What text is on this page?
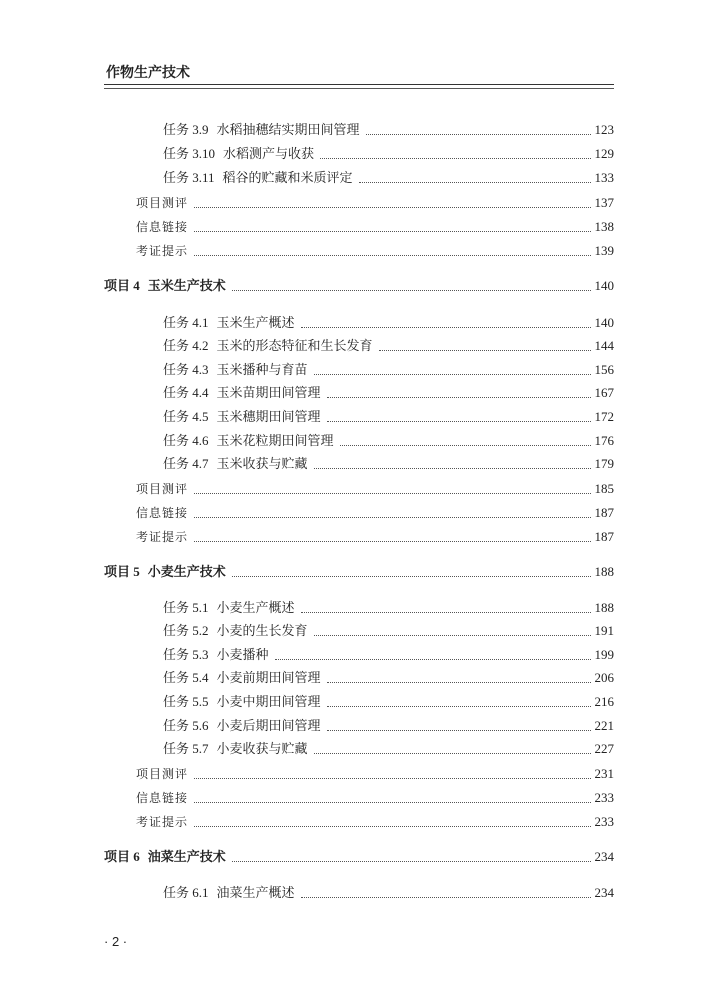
作物生产技术
任务 3.9 水稻抽穗结实期田间管理	123
任务 3.10 水稻测产与收获	129
任务 3.11 稻谷的贮藏和米质评定	133
项目测评	137
信息链接	138
考证提示	139
项目 4 玉米生产技术	140
任务 4.1 玉米生产概述	140
任务 4.2 玉米的形态特征和生长发育	144
任务 4.3 玉米播种与育苗	156
任务 4.4 玉米苗期田间管理	167
任务 4.5 玉米穗期田间管理	172
任务 4.6 玉米花粒期田间管理	176
任务 4.7 玉米收获与贮藏	179
项目测评	185
信息链接	187
考证提示	187
项目 5 小麦生产技术	188
任务 5.1 小麦生产概述	188
任务 5.2 小麦的生长发育	191
任务 5.3 小麦播种	199
任务 5.4 小麦前期田间管理	206
任务 5.5 小麦中期田间管理	216
任务 5.6 小麦后期田间管理	221
任务 5.7 小麦收获与贮藏	227
项目测评	231
信息链接	233
考证提示	233
项目 6 油菜生产技术	234
任务 6.1 油菜生产概述	234
· 2 ·
